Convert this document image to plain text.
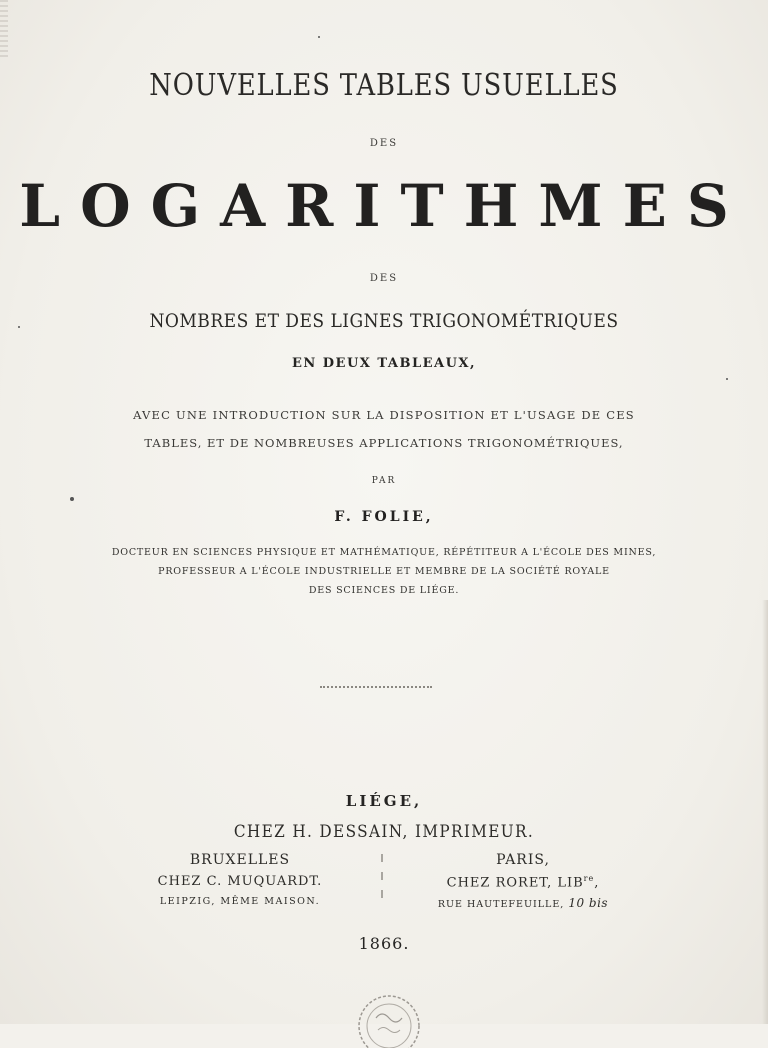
NOUVELLES TABLES USUELLES
DES
LOGARITHMES
DES
NOMBRES ET DES LIGNES TRIGONOMÉTRIQUES
EN DEUX TABLEAUX,
AVEC UNE INTRODUCTION SUR LA DISPOSITION ET L'USAGE DE CES
TABLES, ET DE NOMBREUSES APPLICATIONS TRIGONOMÉTRIQUES,
PAR
F. FOLIE,
DOCTEUR EN SCIENCES PHYSIQUE ET MATHÉMATIQUE, RÉPÉTITEUR A L'ÉCOLE DES MINES,
PROFESSEUR A L'ÉCOLE INDUSTRIELLE ET MEMBRE DE LA SOCIÉTÉ ROYALE
DES SCIENCES DE LIÉGE.
LIÉGE,
CHEZ H. DESSAIN, IMPRIMEUR.
BRUXELLES
CHEZ C. MUQUARDT.
LEIPZIG, MÊME MAISON.
PARIS,
CHEZ RORET, $LIB^{re}$,
RUE HAUTEFEUILLE, 10 bis
1866.
